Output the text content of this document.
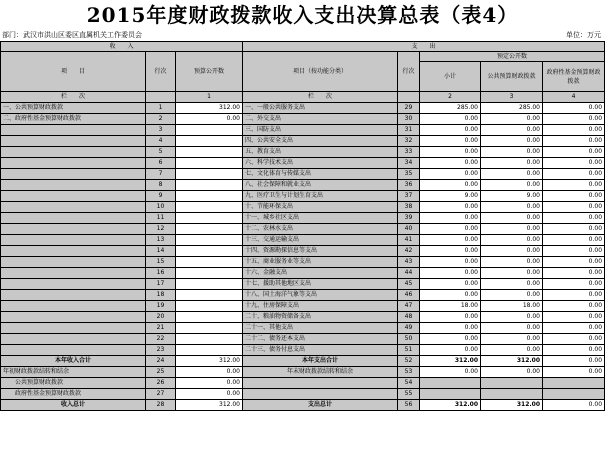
2015年度财政拨款收入支出决算总表（表4）
部门：武汉市洪山区委区直属机关工作委员会	单位：万元
收　　入			支　　出				
项　　目	行次	预算公开数	项目（按功能分类）	行次	预定公开数		
					小计	公共预算财政拨款	政府性基金预算财政拨款
栏　　次		1	栏　　次		2	3	4
一、公共预算财政拨款	1	312.00	一、一般公共服务支出	29	285.00	285.00	0.00
二、政府性基金预算财政拨款	2	0.00	二、外交支出	30	0.00	0.00	0.00
	3		三、国防支出	31	0.00	0.00	0.00
	4		四、公共安全支出	32	0.00	0.00	0.00
	5		五、教育支出	33	0.00	0.00	0.00
	6		六、科学技术支出	34	0.00	0.00	0.00
	7		七、文化体育与传媒支出	35	0.00	0.00	0.00
	8		八、社会保障和就业支出	36	0.00	0.00	0.00
	9		九、医疗卫生与计划生育支出	37	9.00	9.00	0.00
	10		十、节能环保支出	38	0.00	0.00	0.00
	11		十一、城乡社区支出	39	0.00	0.00	0.00
	12		十二、农林水支出	40	0.00	0.00	0.00
	13		十三、交通运输支出	41	0.00	0.00	0.00
	14		十四、资源勘探信息等支出	42	0.00	0.00	0.00
	15		十五、商业服务业等支出	43	0.00	0.00	0.00
	16		十六、金融支出	44	0.00	0.00	0.00
	17		十七、援助其他地区支出	45	0.00	0.00	0.00
	18		十八、国土海洋气象等支出	46	0.00	0.00	0.00
	19		十九、住房保障支出	47	18.00	18.00	0.00
	20		二十、粮油物资储备支出	48	0.00	0.00	0.00
	21		二十一、其他支出	49	0.00	0.00	0.00
	22		二十二、债务还本支出	50	0.00	0.00	0.00
	23		二十三、债务付息支出	51	0.00	0.00	0.00
本年收入合计	24	312.00	本年支出合计	52	312.00	312.00	0.00
年初财政拨款结转和结余	25	0.00	年末财政拨款结转和结余	53	0.00	0.00	0.00
公共预算财政拨款	26	0.00		54			
政府性基金预算财政拨款	27	0.00		55			
收入总计	28	312.00	支出总计	56	312.00	312.00	0.00
